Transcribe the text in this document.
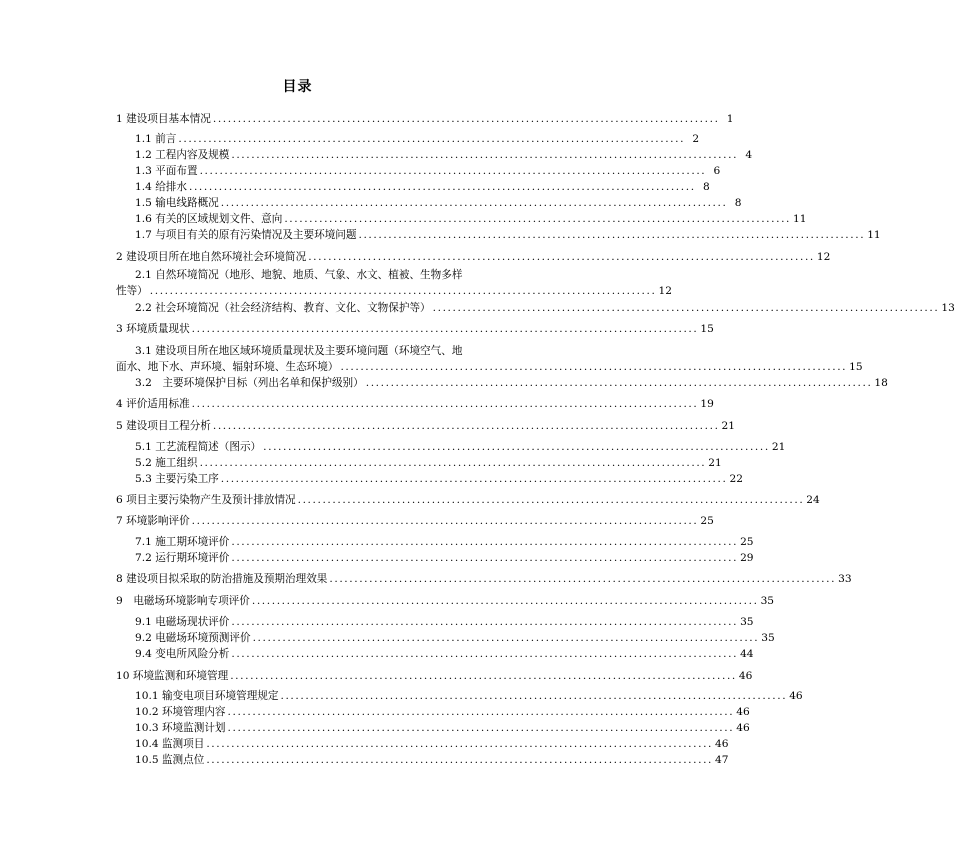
目录
1 建设项目基本情况 ...................................................................................................... 1
1.1 前言 ...................................................................................................... 2
1.2 工程内容及规模 ...................................................................................................... 4
1.3 平面布置 ...................................................................................................... 6
1.4 给排水 ...................................................................................................... 8
1.5 输电线路概况 ...................................................................................................... 8
1.6 有关的区域规划文件、意向 ...................................................................................................... 11
1.7 与项目有关的原有污染情况及主要环境问题 ...................................................................................................... 11
2 建设项目所在地自然环境社会环境简况 ...................................................................................................... 12
2.1 自然环境简况（地形、地貌、地质、气象、水文、植被、生物多样
性等） ...................................................................................................... 12
2.2 社会环境简况（社会经济结构、教育、文化、文物保护等） ...................................................................................................... 13
3 环境质量现状 ...................................................................................................... 15
3.1 建设项目所在地区域环境质量现状及主要环境问题（环境空气、地
面水、地下水、声环境、辐射环境、生态环境） ...................................................................................................... 15
3.2　主要环境保护目标（列出名单和保护级别） ...................................................................................................... 18
4 评价适用标准 ...................................................................................................... 19
5 建设项目工程分析 ...................................................................................................... 21
5.1 工艺流程简述（图示） ...................................................................................................... 21
5.2 施工组织 ...................................................................................................... 21
5.3 主要污染工序 ...................................................................................................... 22
6 项目主要污染物产生及预计排放情况 ...................................................................................................... 24
7 环境影响评价 ...................................................................................................... 25
7.1 施工期环境评价 ...................................................................................................... 25
7.2 运行期环境评价 ...................................................................................................... 29
8 建设项目拟采取的防治措施及预期治理效果 ...................................................................................................... 33
9　电磁场环境影响专项评价 ...................................................................................................... 35
9.1 电磁场现状评价 ...................................................................................................... 35
9.2 电磁场环境预测评价 ...................................................................................................... 35
9.4 变电所风险分析 ...................................................................................................... 44
10 环境监测和环境管理 ...................................................................................................... 46
10.1 输变电项目环境管理规定 ...................................................................................................... 46
10.2 环境管理内容 ...................................................................................................... 46
10.3 环境监测计划 ...................................................................................................... 46
10.4 监测项目 ...................................................................................................... 46
10.5 监测点位 ...................................................................................................... 47
